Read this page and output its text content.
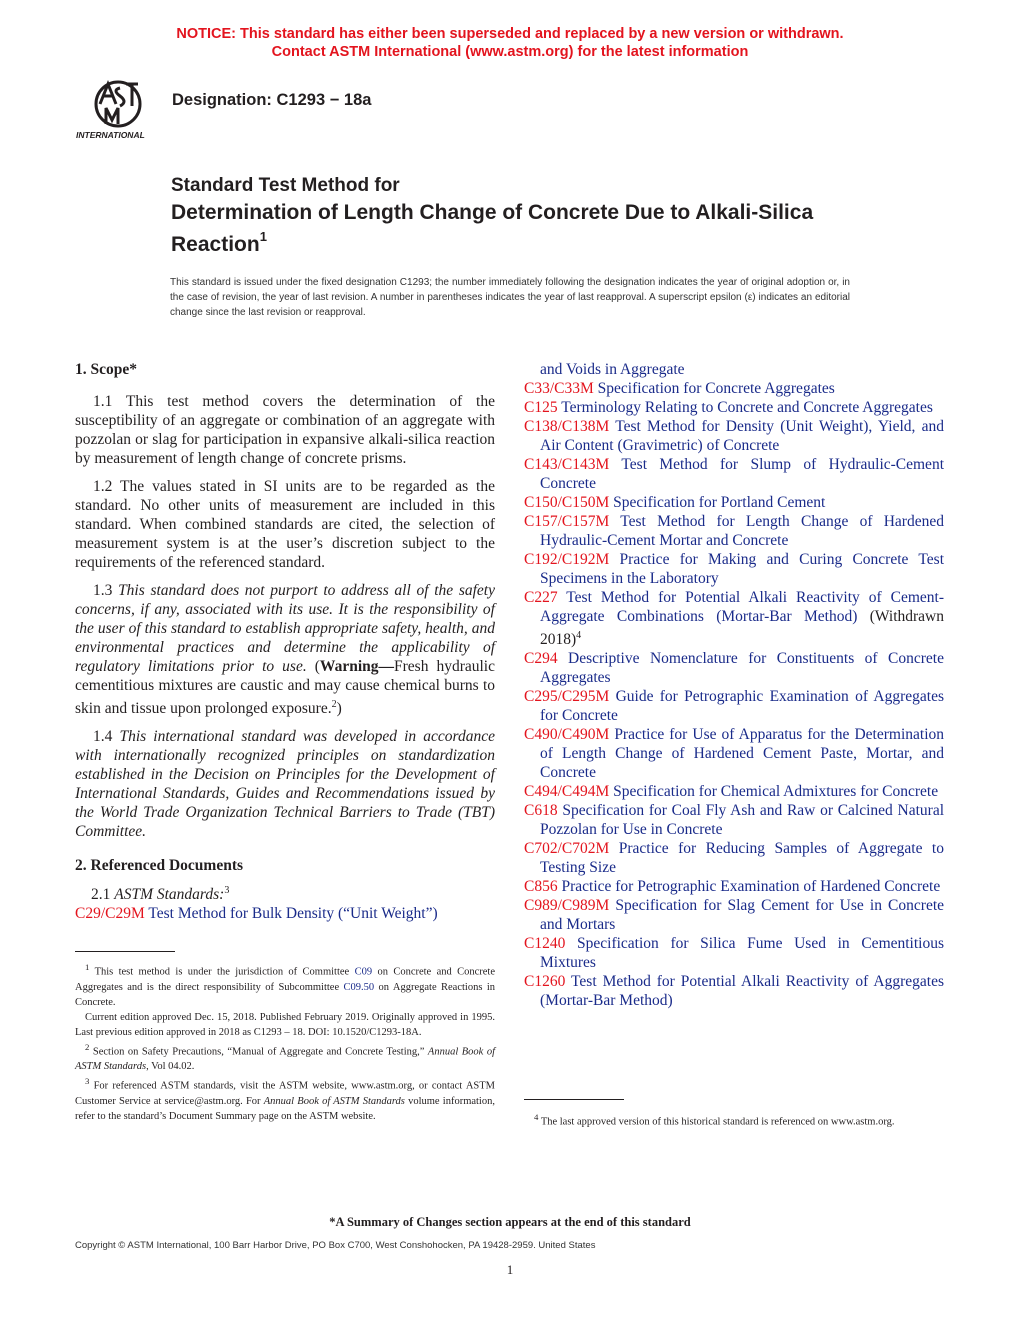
NOTICE: This standard has either been superseded and replaced by a new version or withdrawn.
Contact ASTM International (www.astm.org) for the latest information
INTERNATIONAL
Designation: C1293 − 18a
Standard Test Method for
Determination of Length Change of Concrete Due to Alkali-Silica Reaction$^1$
This standard is issued under the fixed designation C1293; the number immediately following the designation indicates the year of original adoption or, in the case of revision, the year of last revision. A number in parentheses indicates the year of last reapproval. A superscript epsilon (ε) indicates an editorial change since the last revision or reapproval.
1. Scope*

1.1 This test method covers the determination of the susceptibility of an aggregate or combination of an aggregate with pozzolan or slag for participation in expansive alkali-silica reaction by measurement of length change of concrete prisms.

1.2 The values stated in SI units are to be regarded as the standard. No other units of measurement are included in this standard. When combined standards are cited, the selection of measurement system is at the user’s discretion subject to the requirements of the referenced standard.

1.3 This standard does not purport to address all of the safety concerns, if any, associated with its use. It is the responsibility of the user of this standard to establish appropriate safety, health, and environmental practices and determine the applicability of regulatory limitations prior to use. (Warning—Fresh hydraulic cementitious mixtures are caustic and may cause chemical burns to skin and tissue upon prolonged exposure.$^2$)

1.4 This international standard was developed in accordance with internationally recognized principles on standardization established in the Decision on Principles for the Development of International Standards, Guides and Recommendations issued by the World Trade Organization Technical Barriers to Trade (TBT) Committee.

2. Referenced Documents

2.1 ASTM Standards:$^3$

C29/C29M Test Method for Bulk Density (“Unit Weight”)

$^1$ This test method is under the jurisdiction of Committee C09 on Concrete and Concrete Aggregates and is the direct responsibility of Subcommittee C09.50 on Aggregate Reactions in Concrete.

Current edition approved Dec. 15, 2018. Published February 2019. Originally approved in 1995. Last previous edition approved in 2018 as C1293 – 18. DOI: 10.1520/C1293-18A.

$^2$ Section on Safety Precautions, “Manual of Aggregate and Concrete Testing,” Annual Book of ASTM Standards, Vol 04.02.

$^3$ For referenced ASTM standards, visit the ASTM website, www.astm.org, or contact ASTM Customer Service at service@astm.org. For Annual Book of ASTM Standards volume information, refer to the standard’s Document Summary page on the ASTM website.

and Voids in Aggregate

C33/C33M Specification for Concrete Aggregates

C125 Terminology Relating to Concrete and Concrete Aggregates

C138/C138M Test Method for Density (Unit Weight), Yield, and Air Content (Gravimetric) of Concrete

C143/C143M Test Method for Slump of Hydraulic-Cement Concrete

C150/C150M Specification for Portland Cement

C157/C157M Test Method for Length Change of Hardened Hydraulic-Cement Mortar and Concrete

C192/C192M Practice for Making and Curing Concrete Test Specimens in the Laboratory

C227 Test Method for Potential Alkali Reactivity of Cement-Aggregate Combinations (Mortar-Bar Method) (Withdrawn 2018)$^4$

C294 Descriptive Nomenclature for Constituents of Concrete Aggregates

C295/C295M Guide for Petrographic Examination of Aggregates for Concrete

C490/C490M Practice for Use of Apparatus for the Determination of Length Change of Hardened Cement Paste, Mortar, and Concrete

C494/C494M Specification for Chemical Admixtures for Concrete

C618 Specification for Coal Fly Ash and Raw or Calcined Natural Pozzolan for Use in Concrete

C702/C702M Practice for Reducing Samples of Aggregate to Testing Size

C856 Practice for Petrographic Examination of Hardened Concrete

C989/C989M Specification for Slag Cement for Use in Concrete and Mortars

C1240 Specification for Silica Fume Used in Cementitious Mixtures

C1260 Test Method for Potential Alkali Reactivity of Aggregates (Mortar-Bar Method)

$^4$ The last approved version of this historical standard is referenced on www.astm.org.

*A Summary of Changes section appears at the end of this standard
Copyright © ASTM International, 100 Barr Harbor Drive, PO Box C700, West Conshohocken, PA 19428-2959. United States
1
